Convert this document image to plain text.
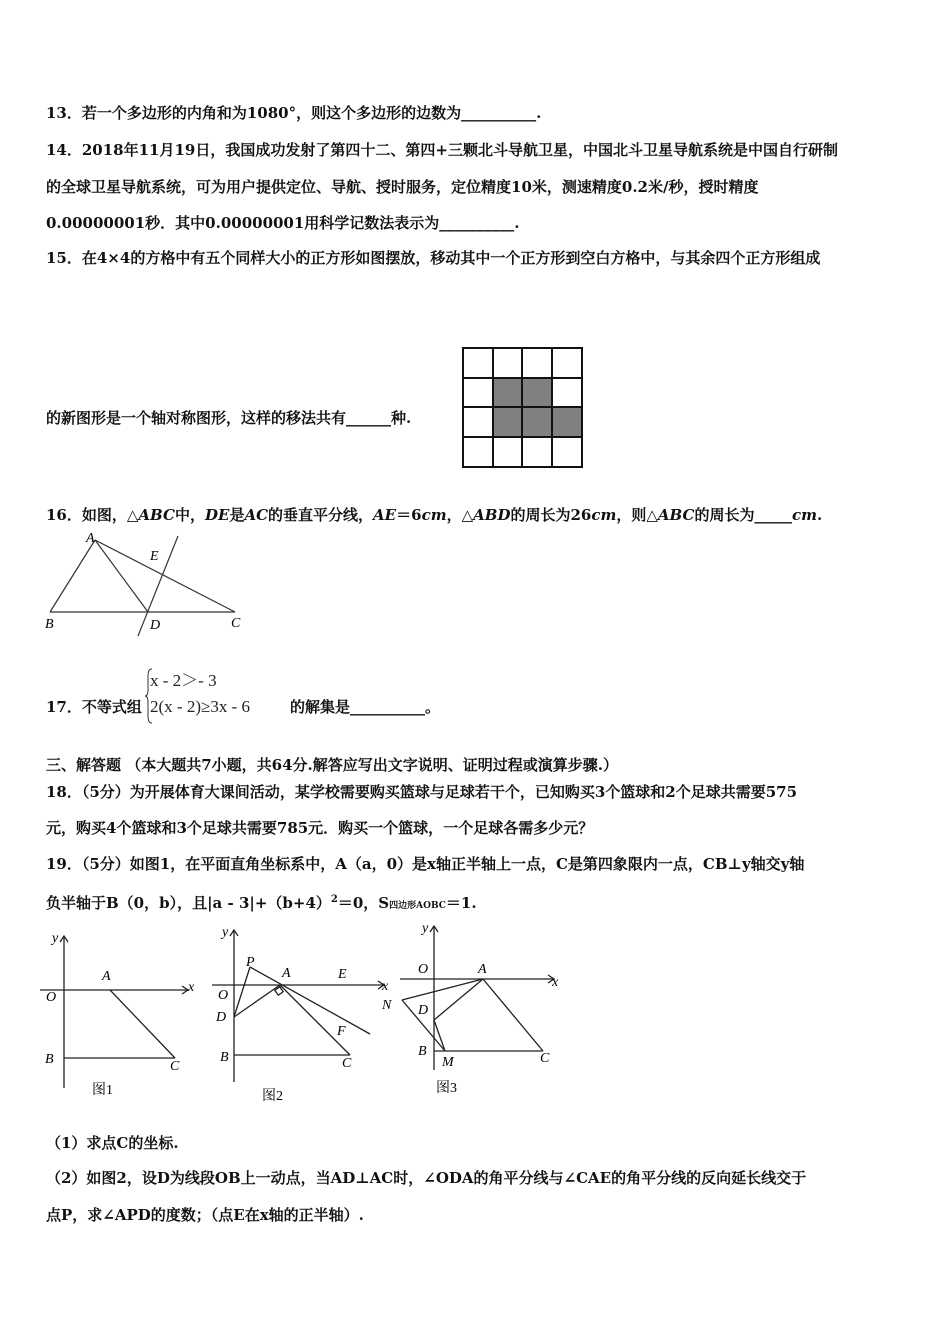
13．若一个多边形的内角和为1080°，则这个多边形的边数为__________.
14．2018年11月19日，我国成功发射了第四十二、第四+三颗北斗导航卫星，中国北斗卫星导航系统是中国自行研制
的全球卫星导航系统，可为用户提供定位、导航、授时服务，定位精度10米，测速精度0.2米/秒，授时精度
0.00000001秒．其中0.00000001用科学记数法表示为__________.
15．在4×4的方格中有五个同样大小的正方形如图摆放，移动其中一个正方形到空白方格中，与其余四个正方形组成
的新图形是一个轴对称图形，这样的移法共有______种.
16．如图，△ABC中，DE是AC的垂直平分线，AE＝6cm，△ABD的周长为26cm，则△ABC的周长为_____cm.
A
E
B	D	C
17．不等式组
x - 2＞- 3
2(x - 2)≥3x - 6	的解集是__________。
三、解答题 （本大题共7小题，共64分.解答应写出文字说明、证明过程或演算步骤.）
18．（5分）为开展体育大课间活动，某学校需要购买篮球与足球若干个，已知购买3个篮球和2个足球共需要575
元，购买4个篮球和3个足球共需要785元．购买一个篮球，一个足球各需多少元？
19．（5分）如图1，在平面直角坐标系中，A（a，0）是x轴正半轴上一点，C是第四象限内一点，CB⊥y轴交y轴
负半轴于B（0，b），且$|a - 3|+(b+4)^2=0$，S四边形AOBC＝1.
y
x
O
A
B	C
图1
y
x
O
P
A	E
D
F
B	C
图2
y
x
O	A
N D
B
M	C
图3
（1）求点C的坐标.
（2）如图2，设D为线段OB上一动点，当AD⊥AC时，∠ODA的角平分线与∠CAE的角平分线的反向延长线交于
点P，求∠APD的度数；（点E在x轴的正半轴）.
